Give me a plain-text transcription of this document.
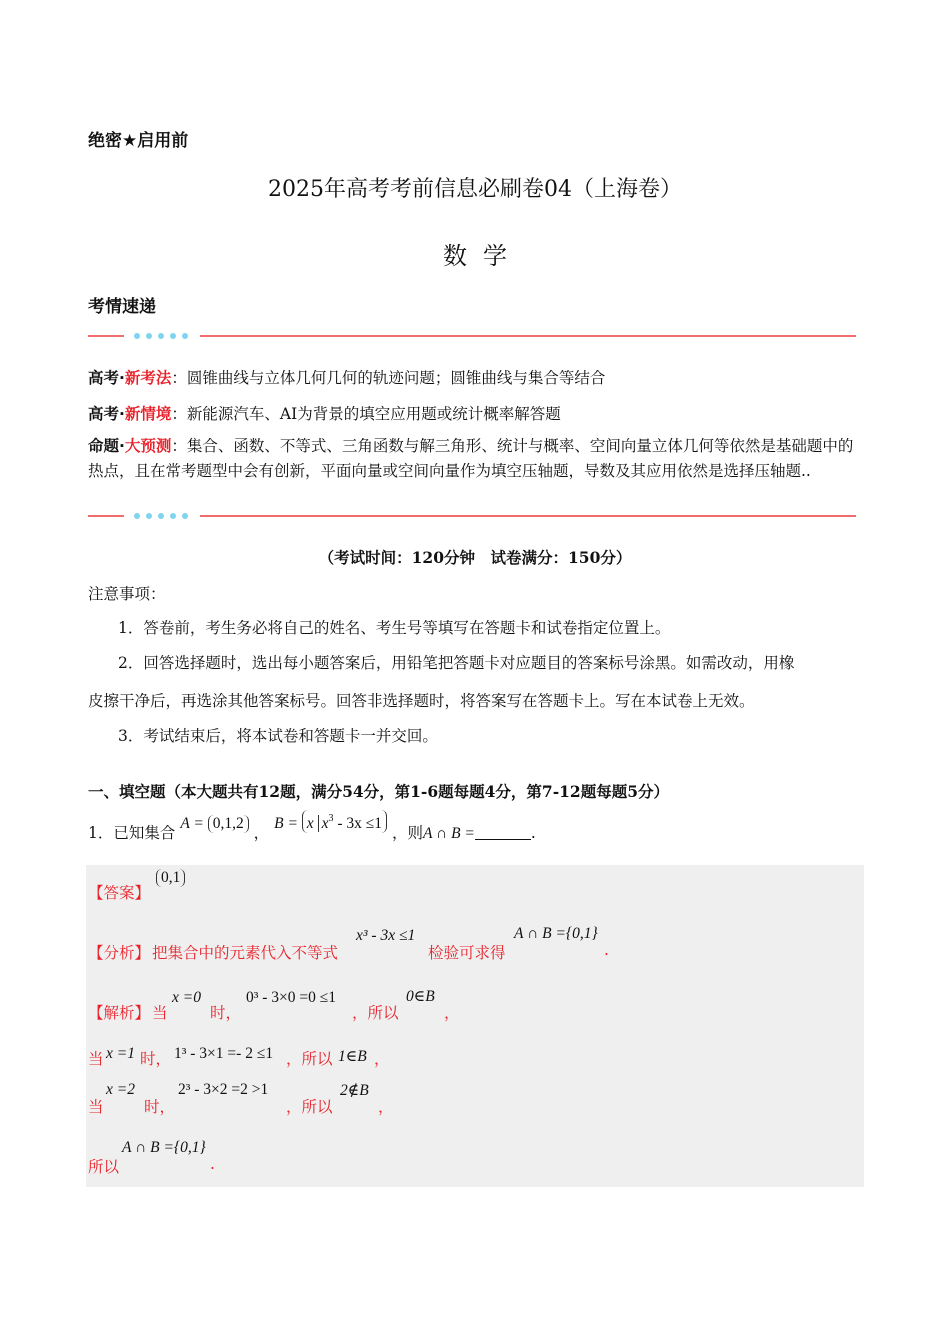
绝密★启用前
2025年高考考前信息必刷卷04（上海卷）
数学
考情速递
高考·新考法：圆锥曲线与立体几何几何的轨迹问题；圆锥曲线与集合等结合
高考·新情境：新能源汽车、AI为背景的填空应用题或统计概率解答题
命题·大预测：集合、函数、不等式、三角函数与解三角形、统计与概率、空间向量立体几何等依然是基础题中的热点，且在常考题型中会有创新，平面向量或空间向量作为填空压轴题，导数及其应用依然是选择压轴题..
（考试时间：120分钟　试卷满分：150分）
注意事项：
1．答卷前，考生务必将自己的姓名、考生号等填写在答题卡和试卷指定位置上。
2．回答选择题时，选出每小题答案后，用铅笔把答题卡对应题目的答案标号涂黑。如需改动，用橡
皮擦干净后，再选涂其他答案标号。回答非选择题时，将答案写在答题卡上。写在本试卷上无效。
3．考试结束后，将本试卷和答题卡一并交回。
一、填空题（本大题共有12题，满分54分，第1-6题每题4分，第7-12题每题5分）
1．已知集合 A = 0,1,2 ， B = x $x^3 - 3x \le 1$ ，则A ∩ B =	.
【答案】
0,1
【分析】 把集合中的元素代入不等式
x³ - 3x ≤1
检验可求得
A ∩ B ={0,1}
.
【解析】 当
x =0
时，
0³ - 3×0 =0 ≤1
，所以
0∈B
，
当 x =1 时， 1³ - 3×1 =- 2 ≤1 ，所以 1∈B ，
当
x =2
时，
2³ - 3×2 =2 >1
，所以
2∉B
，
所以
A ∩ B ={0,1}
.
